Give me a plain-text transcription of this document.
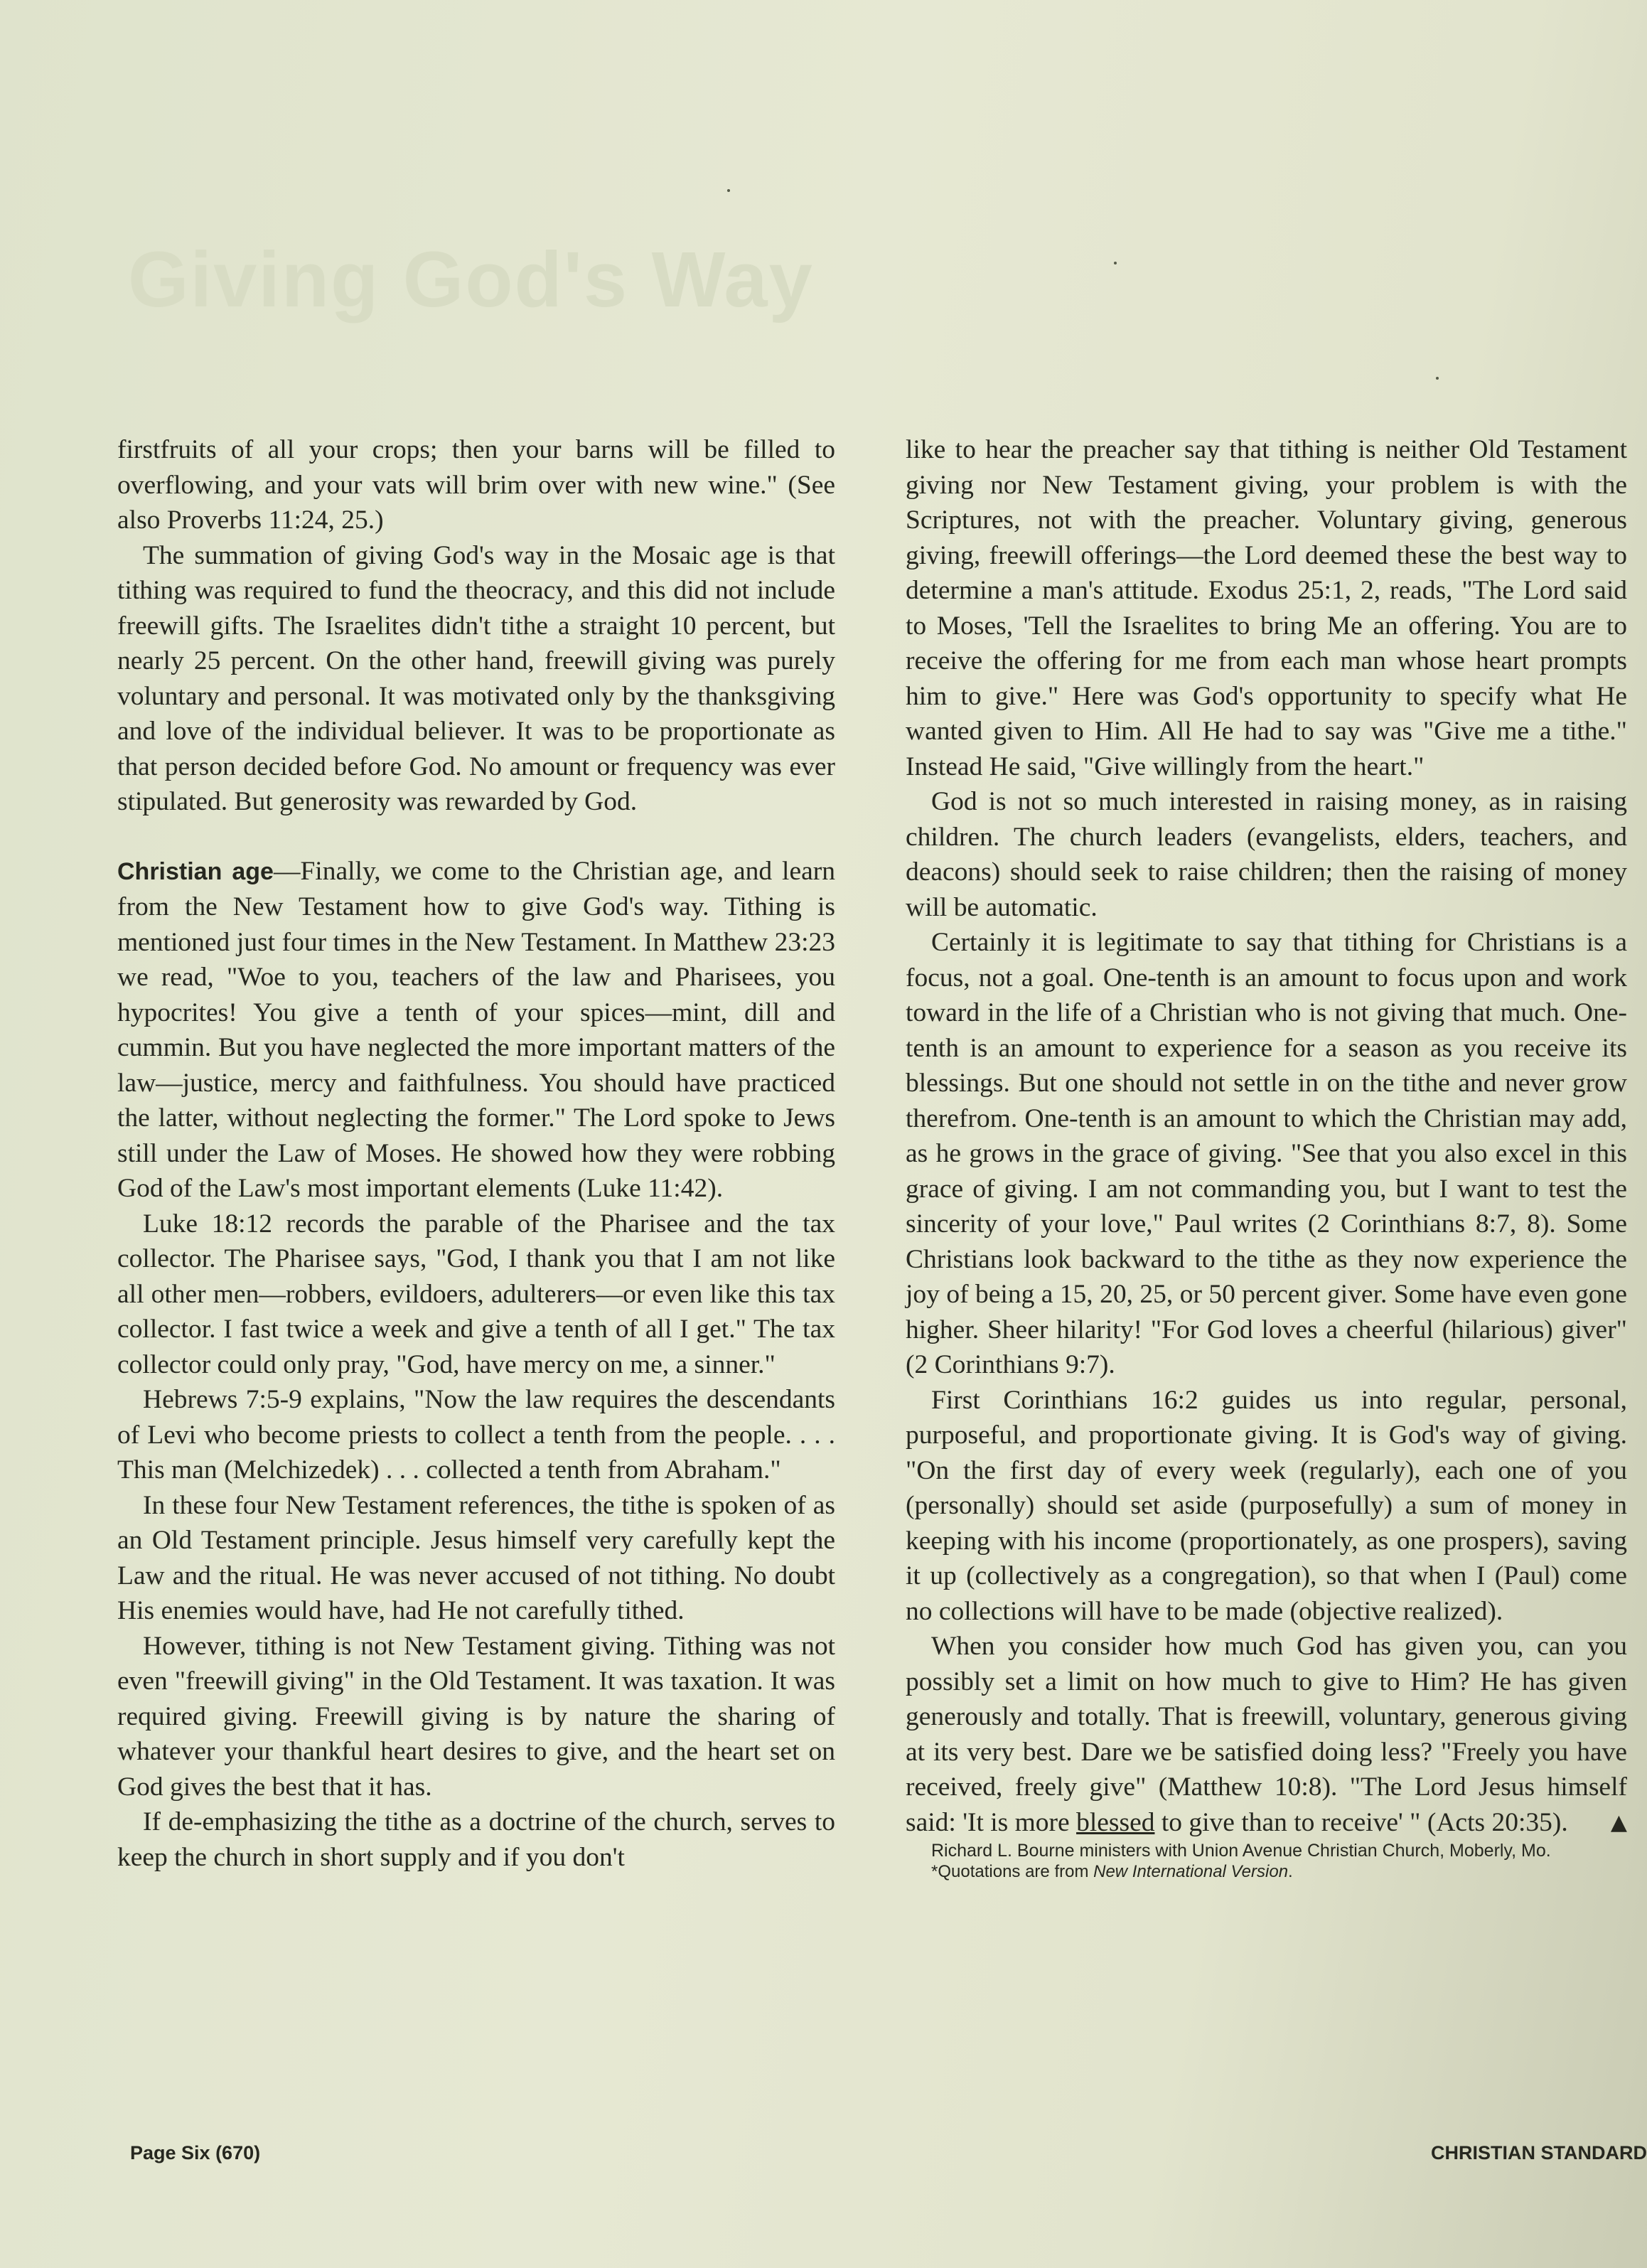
Giving God's Way

firstfruits of all your crops; then your barns will be filled to overflowing, and your vats will brim over with new wine." (See also Proverbs 11:24, 25.)

The summation of giving God's way in the Mosaic age is that tithing was required to fund the theocracy, and this did not include freewill gifts. The Israelites didn't tithe a straight 10 percent, but nearly 25 percent. On the other hand, freewill giving was purely voluntary and personal. It was motivated only by the thanksgiving and love of the individual believer. It was to be proportionate as that person decided before God. No amount or frequency was ever stipulated. But generosity was rewarded by God.

Christian age—Finally, we come to the Christian age, and learn from the New Testament how to give God's way. Tithing is mentioned just four times in the New Testament. In Matthew 23:23 we read, "Woe to you, teachers of the law and Pharisees, you hypocrites! You give a tenth of your spices—mint, dill and cummin. But you have neglected the more important matters of the law—justice, mercy and faithfulness. You should have practiced the latter, without neglecting the former." The Lord spoke to Jews still under the Law of Moses. He showed how they were robbing God of the Law's most important elements (Luke 11:42).

Luke 18:12 records the parable of the Pharisee and the tax collector. The Pharisee says, "God, I thank you that I am not like all other men—robbers, evildoers, adulterers—or even like this tax collector. I fast twice a week and give a tenth of all I get." The tax collector could only pray, "God, have mercy on me, a sinner."

Hebrews 7:5-9 explains, "Now the law requires the descendants of Levi who become priests to collect a tenth from the people. . . . This man (Melchizedek) . . . collected a tenth from Abraham."

In these four New Testament references, the tithe is spoken of as an Old Testament principle. Jesus himself very carefully kept the Law and the ritual. He was never accused of not tithing. No doubt His enemies would have, had He not carefully tithed.

However, tithing is not New Testament giving. Tithing was not even "freewill giving" in the Old Testament. It was taxation. It was required giving. Freewill giving is by nature the sharing of whatever your thankful heart desires to give, and the heart set on God gives the best that it has.

If de-emphasizing the tithe as a doctrine of the church, serves to keep the church in short supply and if you don't

like to hear the preacher say that tithing is neither Old Testament giving nor New Testament giving, your problem is with the Scriptures, not with the preacher. Voluntary giving, generous giving, freewill offerings—the Lord deemed these the best way to determine a man's attitude. Exodus 25:1, 2, reads, "The Lord said to Moses, 'Tell the Israelites to bring Me an offering. You are to receive the offering for me from each man whose heart prompts him to give." Here was God's opportunity to specify what He wanted given to Him. All He had to say was "Give me a tithe." Instead He said, "Give willingly from the heart."

God is not so much interested in raising money, as in raising children. The church leaders (evangelists, elders, teachers, and deacons) should seek to raise children; then the raising of money will be automatic.

Certainly it is legitimate to say that tithing for Christians is a focus, not a goal. One-tenth is an amount to focus upon and work toward in the life of a Christian who is not giving that much. One-tenth is an amount to experience for a season as you receive its blessings. But one should not settle in on the tithe and never grow therefrom. One-tenth is an amount to which the Christian may add, as he grows in the grace of giving. "See that you also excel in this grace of giving. I am not commanding you, but I want to test the sincerity of your love," Paul writes (2 Corinthians 8:7, 8). Some Christians look backward to the tithe as they now experience the joy of being a 15, 20, 25, or 50 percent giver. Some have even gone higher. Sheer hilarity! "For God loves a cheerful (hilarious) giver" (2 Corinthians 9:7).

First Corinthians 16:2 guides us into regular, personal, purposeful, and proportionate giving. It is God's way of giving. "On the first day of every week (regularly), each one of you (personally) should set aside (purposefully) a sum of money in keeping with his income (proportionately, as one prospers), saving it up (collectively as a congregation), so that when I (Paul) come no collections will have to be made (objective realized).

When you consider how much God has given you, can you possibly set a limit on how much to give to Him? He has given generously and totally. That is freewill, voluntary, generous giving at its very best. Dare we be satisfied doing less? "Freely you have received, freely give" (Matthew 10:8). "The Lord Jesus himself said: 'It is more blessed to give than to receive' " (Acts 20:35).	▲

Richard L. Bourne ministers with Union Avenue Christian Church, Moberly, Mo.

*Quotations are from New International Version.

Page Six (670)	CHRISTIAN STANDARD
